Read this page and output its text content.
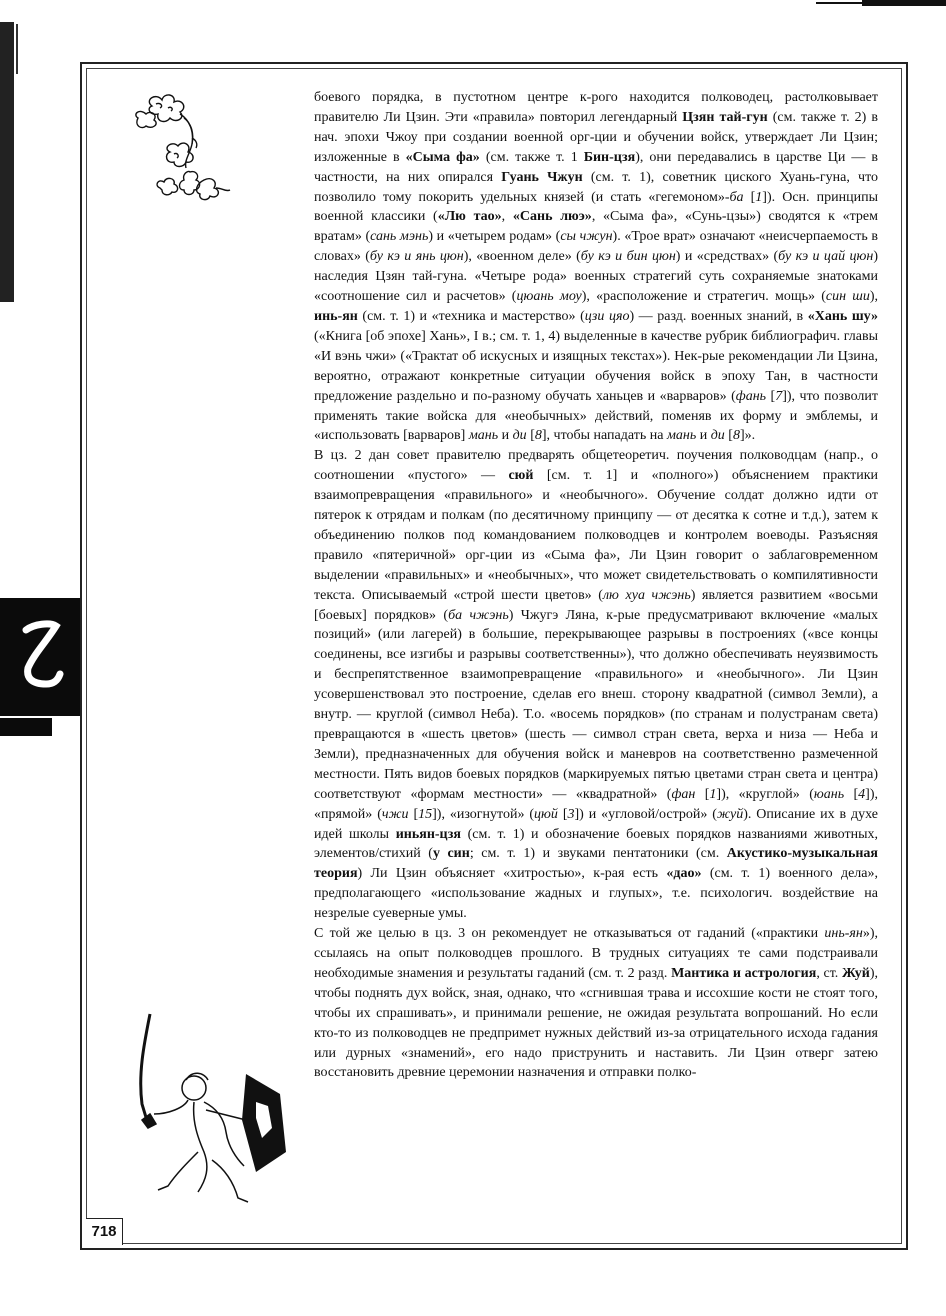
718

боевого порядка, в пустотном центре к-рого находится полководец, растолковывает правителю Ли Цзин. Эти «правила» повторил легендарный Цзян тай-гун (см. также т. 2) в нач. эпохи Чжоу при создании военной орг-ции и обучении войск, утверждает Ли Цзин; изложенные в «Сыма фа» (см. также т. 1 Бин-цзя), они передавались в царстве Ци — в частности, на них опирался Гуань Чжун (см. т. 1), советник циского Хуань-гуна, что позволило тому покорить удельных князей (и стать «гегемоном»-ба [1]). Осн. принципы военной классики («Лю тао», «Сань люэ», «Сыма фа», «Сунь-цзы») сводятся к «трем вратам» (сань мэнь) и «четырем родам» (сы чжун). «Трое врат» означают «неисчерпаемость в словах» (бу кэ и янь цюн), «военном деле» (бу кэ и бин цюн) и «средствах» (бу кэ и цай цюн) наследия Цзян тай-гуна. «Четыре рода» военных стратегий суть сохраняемые знатоками «соотношение сил и расчетов» (цюань моу), «расположение и стратегич. мощь» (син ши), инь-ян (см. т. 1) и «техника и мастерство» (цзи цяо) — разд. военных знаний, в «Хань шу» («Книга [об эпохе] Хань», I в.; см. т. 1, 4) выделенные в качестве рубрик библиографич. главы «И вэнь чжи» («Трактат об искусных и изящных текстах»). Нек-рые рекомендации Ли Цзина, вероятно, отражают конкретные ситуации обучения войск в эпоху Тан, в частности предложение раздельно и по-разному обучать ханьцев и «варваров» (фань [7]), что позволит применять такие войска для «необычных» действий, поменяв их форму и эмблемы, и «использовать [варваров] мань и ди [8], чтобы нападать на мань и ди [8]».

В цз. 2 дан совет правителю предварять общетеоретич. поучения полководцам (напр., о соотношении «пустого» — сюй [см. т. 1] и «полного») объяснением практики взаимопревращения «правильного» и «необычного». Обучение солдат должно идти от пятерок к отрядам и полкам (по десятичному принципу — от десятка к сотне и т.д.), затем к объединению полков под командованием полководцев и контролем воеводы. Разъясняя правило «пятеричной» орг-ции из «Сыма фа», Ли Цзин говорит о заблаговременном выделении «правильных» и «необычных», что может свидетельствовать о компилятивности текста. Описываемый «строй шести цветов» (лю хуа чжэнь) является развитием «восьми [боевых] порядков» (ба чжэнь) Чжугэ Ляна, к-рые предусматривают включение «малых позиций» (или лагерей) в большие, перекрывающее разрывы в построениях («все концы соединены, все изгибы и разрывы соответственны»), что должно обеспечивать неуязвимость и беспрепятственное взаимопревращение «правильного» и «необычного». Ли Цзин усовершенствовал это построение, сделав его внеш. сторону квадратной (символ Земли), а внутр. — круглой (символ Неба). Т.о. «восемь порядков» (по странам и полустранам света) превращаются в «шесть цветов» (шесть — символ стран света, верха и низа — Неба и Земли), предназначенных для обучения войск и маневров на соответственно размеченной местности. Пять видов боевых порядков (маркируемых пятью цветами стран света и центра) соответствуют «формам местности» — «квадратной» (фан [1]), «круглой» (юань [4]), «прямой» (чжи [15]), «изогнутой» (цюй [3]) и «угловой/острой» (жуй). Описание их в духе идей школы иньян-цзя (см. т. 1) и обозначение боевых порядков названиями животных, элементов/стихий (у син; см. т. 1) и звуками пентатоники (см. Акустико-музыкальная теория) Ли Цзин объясняет «хитростью», к-рая есть «дао» (см. т. 1) военного дела», предполагающего «использование жадных и глупых», т.е. психологич. воздействие на незрелые суеверные умы.

С той же целью в цз. 3 он рекомендует не отказываться от гаданий («практики инь-ян»), ссылаясь на опыт полководцев прошлого. В трудных ситуациях те сами подстраивали необходимые знамения и результаты гаданий (см. т. 2 разд. Мантика и астрология, ст. Жуй), чтобы поднять дух войск, зная, однако, что «сгнившая трава и иссохшие кости не стоят того, чтобы их спрашивать», и принимали решение, не ожидая результата вопрошаний. Но если кто-то из полководцев не предпримет нужных действий из-за отрицательного исхода гадания или дурных «знамений», его надо приструнить и наставить. Ли Цзин отверг затею восстановить древние церемонии назначения и отправки полко-
